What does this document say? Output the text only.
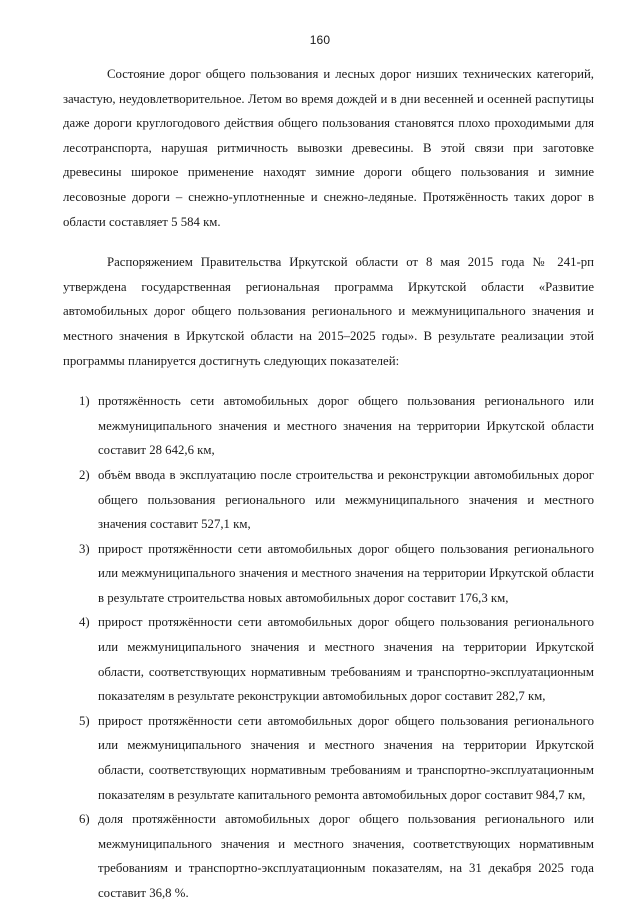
160

Состояние дорог общего пользования и лесных дорог низших технических категорий, зачастую, неудовлетворительное. Летом во время дождей и в дни весенней и осенней распутицы даже дороги круглогодового действия общего пользования становятся плохо проходимыми для лесотранспорта, нарушая ритмичность вывозки древесины. В этой связи при заготовке древесины широкое применение находят зимние дороги общего пользования и зимние лесовозные дороги – снежно-уплотненные и снежно-ледяные. Протяжённость таких дорог в области составляет 5 584 км.

Распоряжением Правительства Иркутской области от 8 мая 2015 года № 241-рп утверждена государственная региональная программа Иркутской области «Развитие автомобильных дорог общего пользования регионального и межмуниципального значения и местного значения в Иркутской области на 2015–2025 годы». В результате реализации этой программы планируется достигнуть следующих показателей:

1) протяжённость сети автомобильных дорог общего пользования регионального или межмуниципального значения и местного значения на территории Иркутской области составит 28 642,6 км,
2) объём ввода в эксплуатацию после строительства и реконструкции автомобильных дорог общего пользования регионального или межмуниципального значения и местного значения составит 527,1 км,
3) прирост протяжённости сети автомобильных дорог общего пользования регионального или межмуниципального значения и местного значения на территории Иркутской области в результате строительства новых автомобильных дорог составит 176,3 км,
4) прирост протяжённости сети автомобильных дорог общего пользования регионального или межмуниципального значения и местного значения на территории Иркутской области, соответствующих нормативным требованиям и транспортно-эксплуатационным показателям в результате реконструкции автомобильных дорог составит 282,7 км,
5) прирост протяжённости сети автомобильных дорог общего пользования регионального или межмуниципального значения и местного значения на территории Иркутской области, соответствующих нормативным требованиям и транспортно-эксплуатационным показателям в результате капитального ремонта автомобильных дорог составит 984,7 км,
6) доля протяжённости автомобильных дорог общего пользования регионального или межмуниципального значения и местного значения, соответствующих нормативным требованиям и транспортно-эксплуатационным показателям, на 31 декабря 2025 года составит 36,8 %.
